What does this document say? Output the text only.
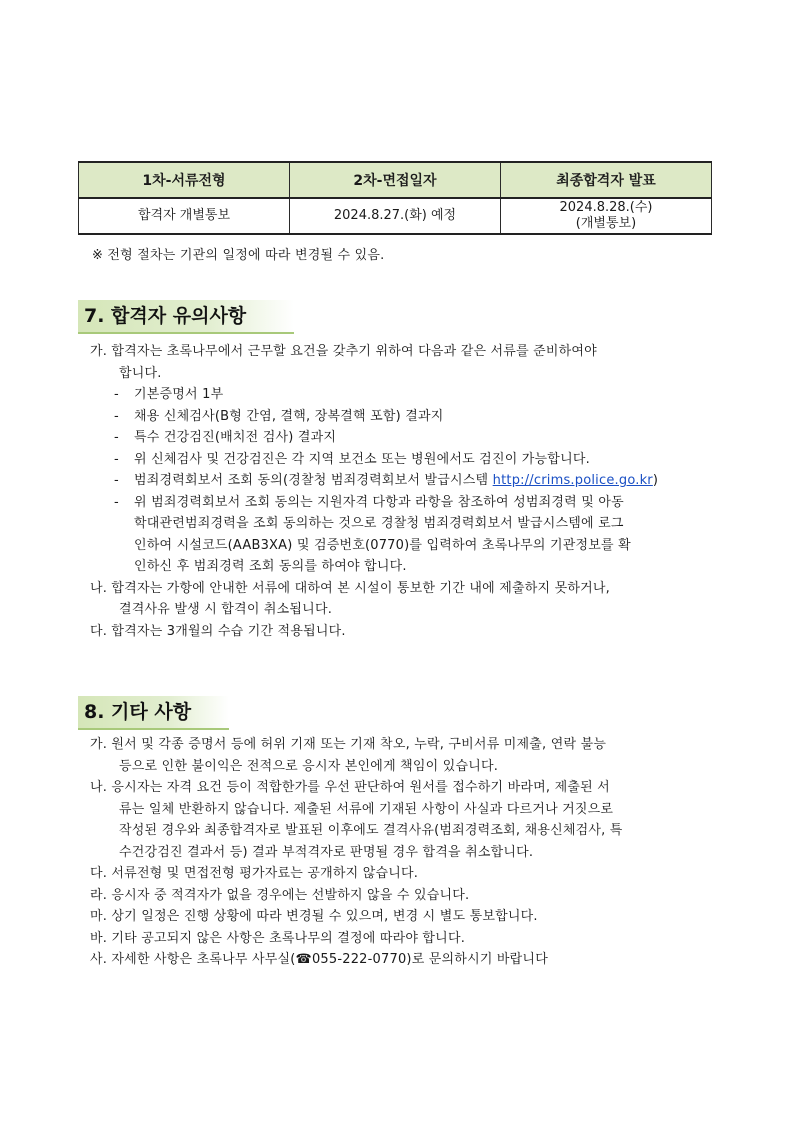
1차-서류전형	2차-면접일자	최종합격자 발표
합격자 개별통보	2024.8.27.(화) 예정	2024.8.28.(수)
(개별통보)
※ 전형 절차는 기관의 일정에 따라 변경될 수 있음.
7. 합격자 유의사항
가. 합격자는 초록나무에서 근무할 요건을 갖추기 위하여 다음과 같은 서류를 준비하여야
합니다.
- 기본증명서 1부
- 채용 신체검사(B형 간염, 결핵, 장복결핵 포함) 결과지
- 특수 건강검진(배치전 검사) 결과지
- 위 신체검사 및 건강검진은 각 지역 보건소 또는 병원에서도 검진이 가능합니다.
- 범죄경력회보서 조회 동의(경찰청 범죄경력회보서 발급시스템 http://crims.police.go.kr)
- 위 범죄경력회보서 조회 동의는 지원자격 다항과 라항을 참조하여 성범죄경력 및 아동
학대관련범죄경력을 조회 동의하는 것으로 경찰청 범죄경력회보서 발급시스템에 로그
인하여 시설코드(AAB3XA) 및 검증번호(0770)를 입력하여 초록나무의 기관정보를 확
인하신 후 범죄경력 조회 동의를 하여야 합니다.
나. 합격자는 가항에 안내한 서류에 대하여 본 시설이 통보한 기간 내에 제출하지 못하거나,
결격사유 발생 시 합격이 취소됩니다.
다. 합격자는 3개월의 수습 기간 적용됩니다.
8. 기타 사항
가. 원서 및 각종 증명서 등에 허위 기재 또는 기재 착오, 누락, 구비서류 미제출, 연락 불능
등으로 인한 불이익은 전적으로 응시자 본인에게 책임이 있습니다.
나. 응시자는 자격 요건 등이 적합한가를 우선 판단하여 원서를 접수하기 바라며, 제출된 서
류는 일체 반환하지 않습니다. 제출된 서류에 기재된 사항이 사실과 다르거나 거짓으로
작성된 경우와 최종합격자로 발표된 이후에도 결격사유(범죄경력조회, 채용신체검사, 특
수건강검진 결과서 등) 결과 부적격자로 판명될 경우 합격을 취소합니다.
다. 서류전형 및 면접전형 평가자료는 공개하지 않습니다.
라. 응시자 중 적격자가 없을 경우에는 선발하지 않을 수 있습니다.
마. 상기 일정은 진행 상황에 따라 변경될 수 있으며, 변경 시 별도 통보합니다.
바. 기타 공고되지 않은 사항은 초록나무의 결정에 따라야 합니다.
사. 자세한 사항은 초록나무 사무실(☎055-222-0770)로 문의하시기 바랍니다
